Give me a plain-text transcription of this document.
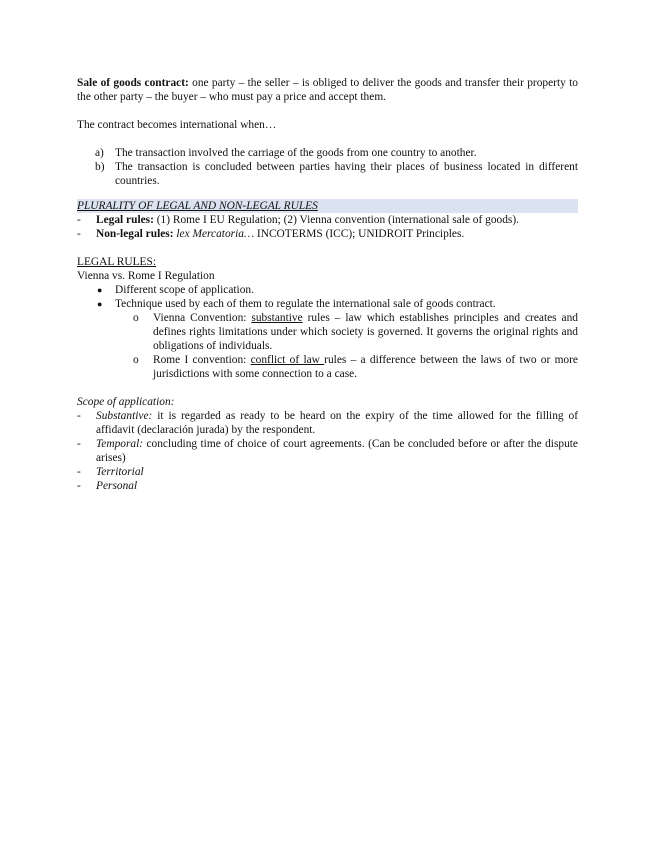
Sale of goods contract: one party – the seller – is obliged to deliver the goods and transfer their property to the other party – the buyer – who must pay a price and accept them.

The contract becomes international when…

a) The transaction involved the carriage of the goods from one country to another.
b) The transaction is concluded between parties having their places of business located in different countries.

PLURALITY OF LEGAL AND NON-LEGAL RULES

- Legal rules: (1) Rome I EU Regulation; (2) Vienna convention (international sale of goods).
- Non-legal rules: lex Mercatoria… INCOTERMS (ICC); UNIDROIT Principles.

LEGAL RULES:

Vienna vs. Rome I Regulation

● Different scope of application.
● Technique used by each of them to regulate the international sale of goods contract.
o Vienna Convention: substantive rules – law which establishes principles and creates and defines rights limitations under which society is governed. It governs the original rights and obligations of individuals.
o Rome I convention: conflict of law rules – a difference between the laws of two or more jurisdictions with some connection to a case.

Scope of application:

- Substantive: it is regarded as ready to be heard on the expiry of the time allowed for the filling of affidavit (declaración jurada) by the respondent.
- Temporal: concluding time of choice of court agreements. (Can be concluded before or after the dispute arises)
- Territorial
- Personal
